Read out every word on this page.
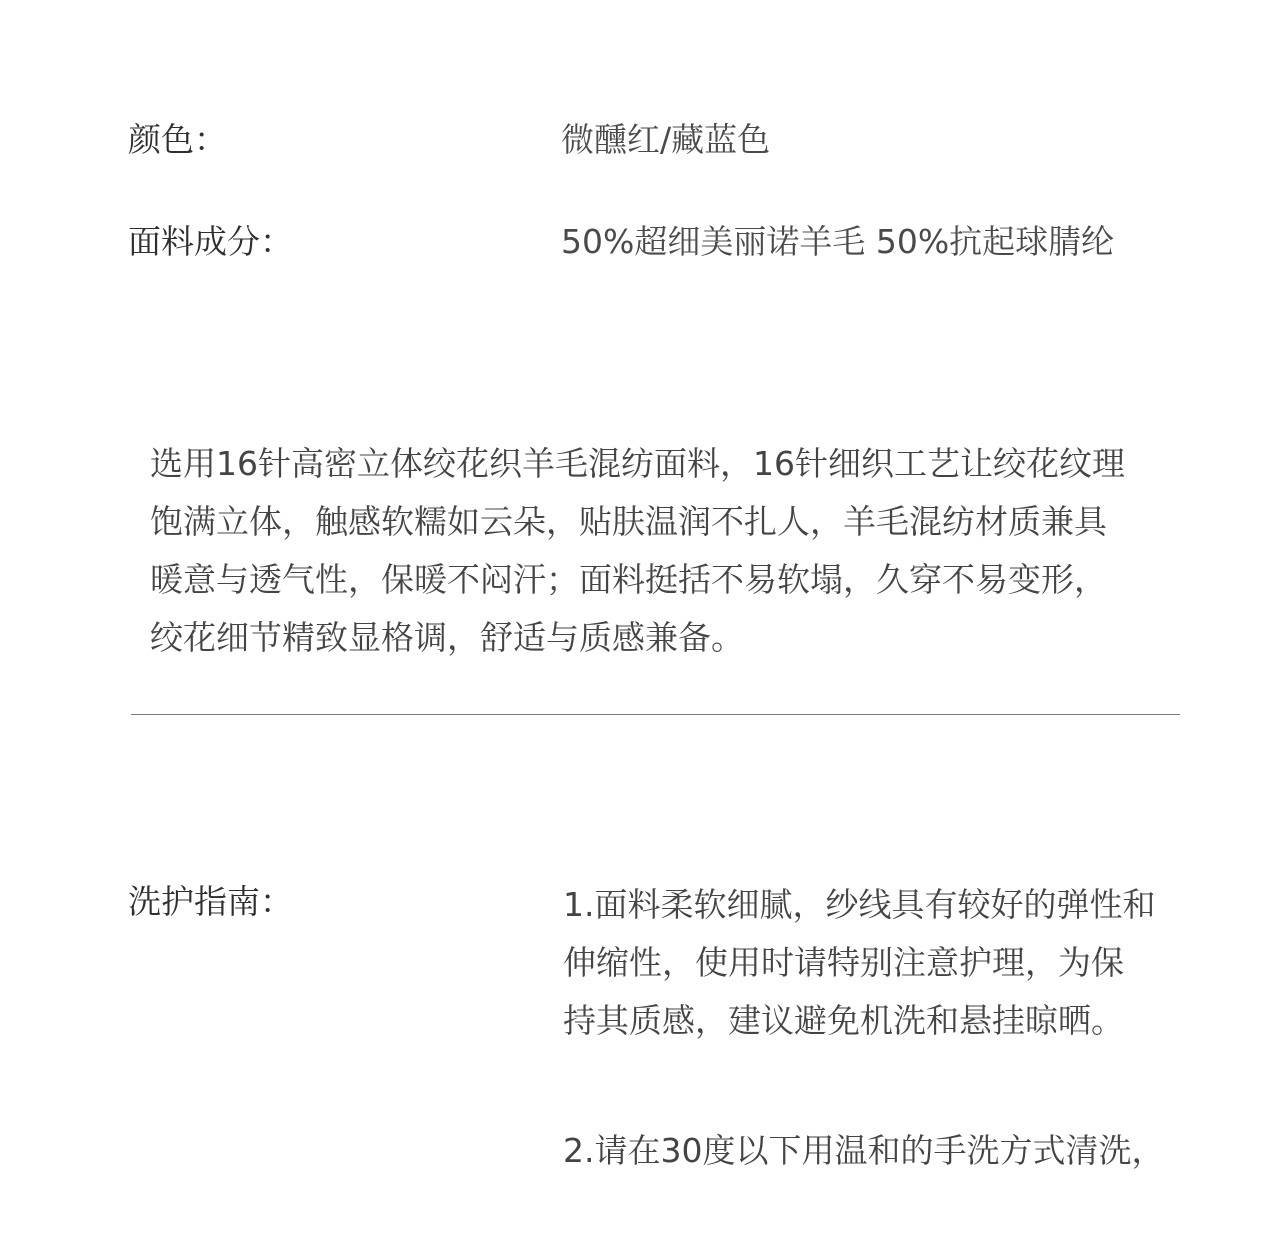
颜色：	微醺红/藏蓝色
面料成分：	50%超细美丽诺羊毛 50%抗起球腈纶
选用16针高密立体绞花织羊毛混纺面料，16针细织工艺让绞花纹理
饱满立体，触感软糯如云朵，贴肤温润不扎人，羊毛混纺材质兼具
暖意与透气性，保暖不闷汗；面料挺括不易软塌，久穿不易变形，
绞花细节精致显格调，舒适与质感兼备。
洗护指南：	1.面料柔软细腻，纱线具有较好的弹性和
伸缩性，使用时请特别注意护理，为保
持其质感，建议避免机洗和悬挂晾晒。
2.请在30度以下用温和的手洗方式清洗，
